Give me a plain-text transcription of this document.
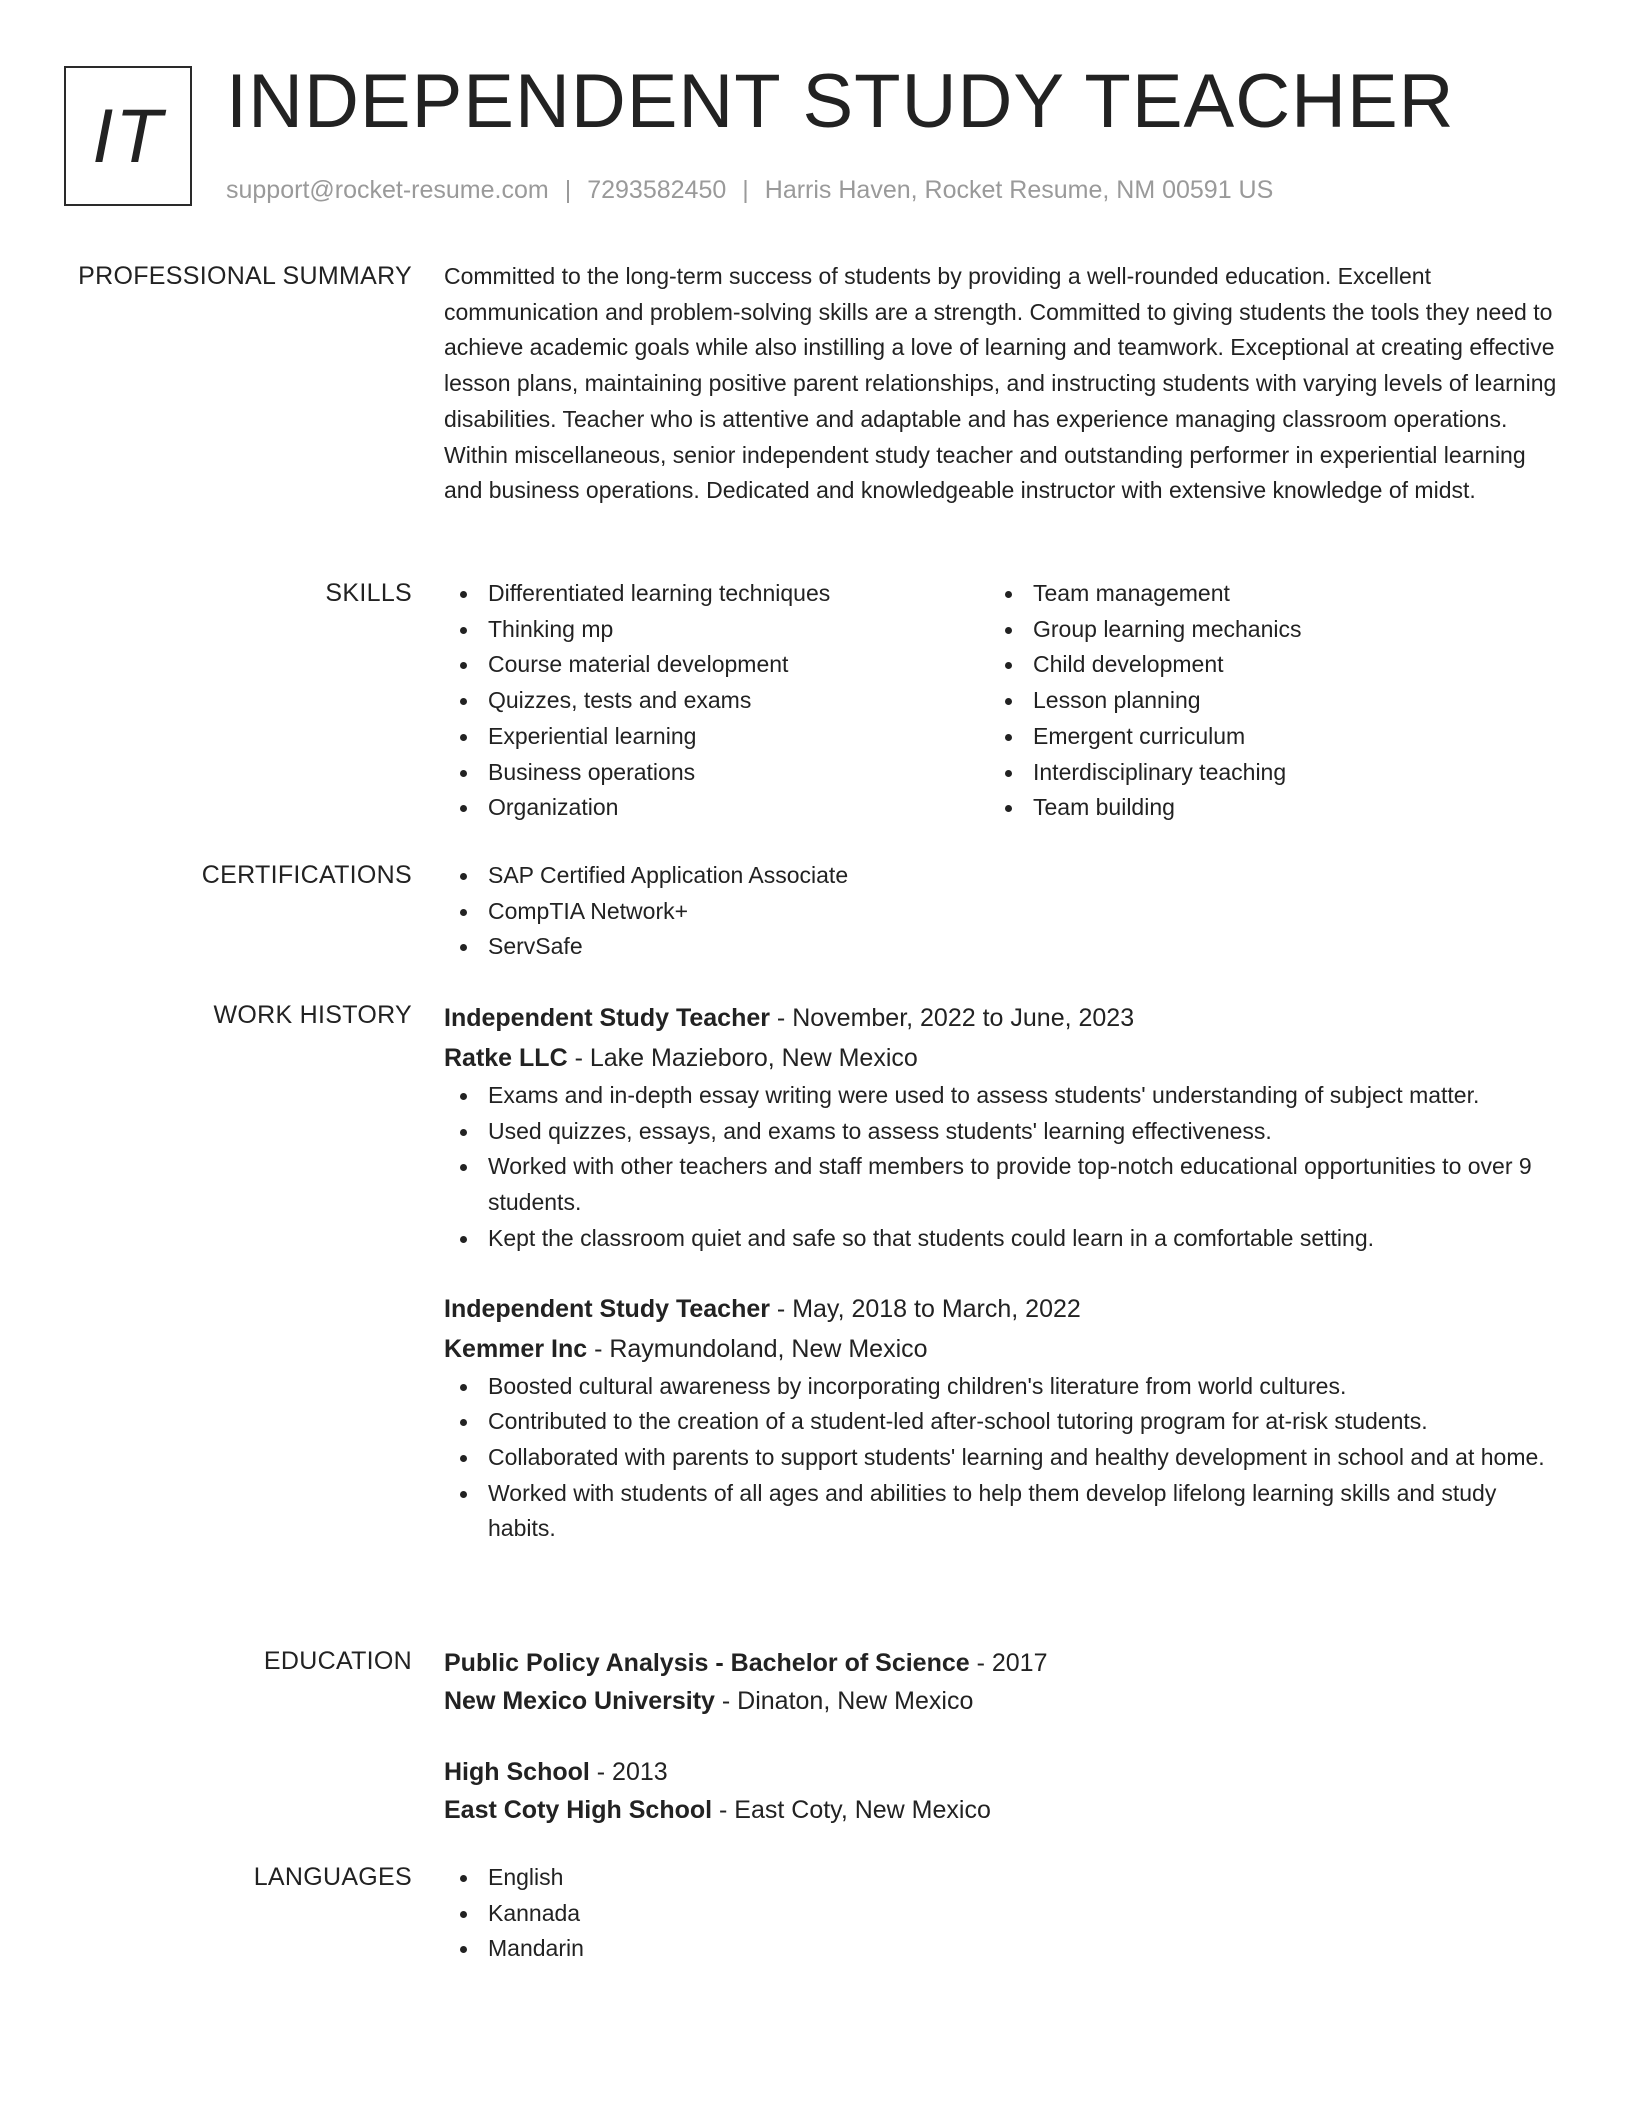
IT INDEPENDENT STUDY TEACHER
support@rocket-resume.com | 7293582450 | Harris Haven, Rocket Resume, NM 00591 US
PROFESSIONAL SUMMARY Committed to the long-term success of students by providing a well-rounded education. Excellent communication and problem-solving skills are a strength. Committed to giving students the tools they need to achieve academic goals while also instilling a love of learning and teamwork. Exceptional at creating effective lesson plans, maintaining positive parent relationships, and instructing students with varying levels of learning disabilities. Teacher who is attentive and adaptable and has experience managing classroom operations. Within miscellaneous, senior independent study teacher and outstanding performer in experiential learning and business operations. Dedicated and knowledgeable instructor with extensive knowledge of midst.

SKILLS	Differentiated learning techniques
Thinking mp
Course material development
Quizzes, tests and exams
Experiential learning
Business operations
Organization
Team management
Group learning mechanics
Child development
Lesson planning
Emergent curriculum
Interdisciplinary teaching
Team building
CERTIFICATIONS	SAP Certified Application Associate
CompTIA Network+
ServSafe
WORK HISTORY Independent Study Teacher - November, 2022 to June, 2023
Ratke LLC - Lake Mazieboro, New Mexico
Exams and in-depth essay writing were used to assess students' understanding of subject matter.
Used quizzes, essays, and exams to assess students' learning effectiveness.
Worked with other teachers and staff members to provide top-notch educational opportunities to over 9 students.
Kept the classroom quiet and safe so that students could learn in a comfortable setting.
Independent Study Teacher - May, 2018 to March, 2022
Kemmer Inc - Raymundoland, New Mexico
Boosted cultural awareness by incorporating children's literature from world cultures.
Contributed to the creation of a student-led after-school tutoring program for at-risk students.
Collaborated with parents to support students' learning and healthy development in school and at home.
Worked with students of all ages and abilities to help them develop lifelong learning skills and study habits.
EDUCATION Public Policy Analysis - Bachelor of Science - 2017
New Mexico University - Dinaton, New Mexico
High School - 2013
East Coty High School - East Coty, New Mexico
LANGUAGES	English
Kannada
Mandarin
